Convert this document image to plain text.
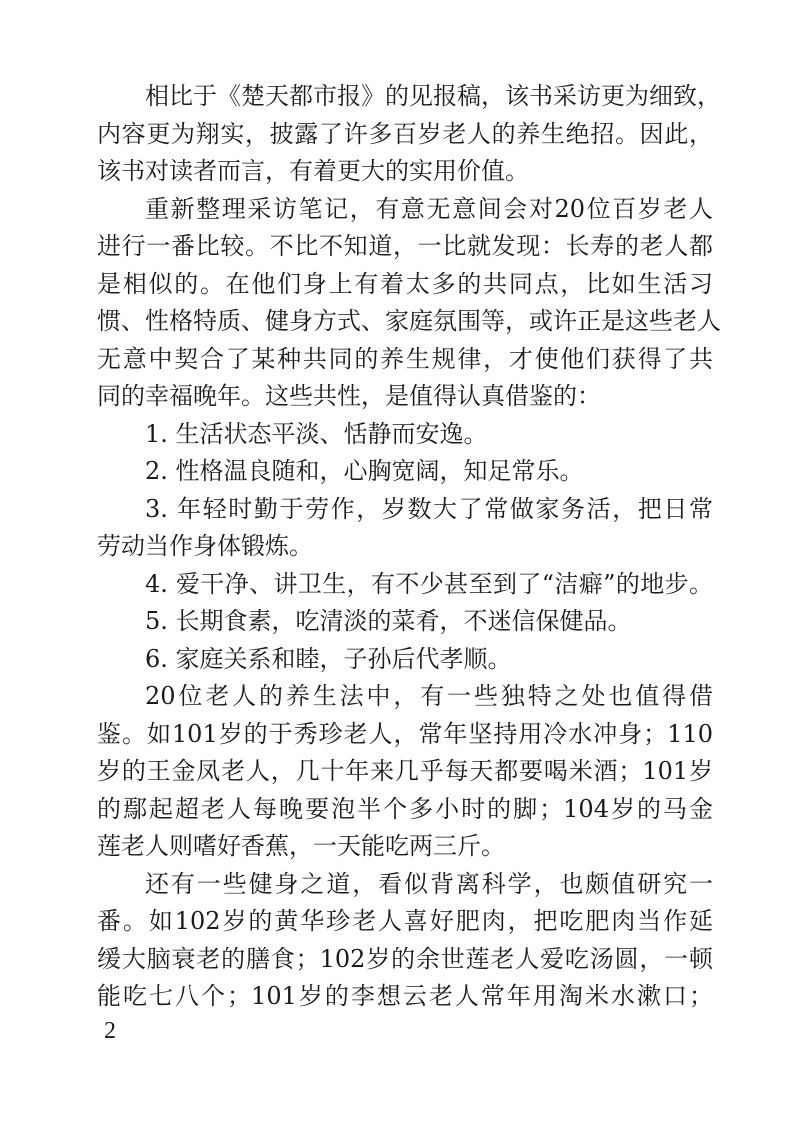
相比于《楚天都市报》的见报稿，该书采访更为细致，
内容更为翔实，披露了许多百岁老人的养生绝招。因此，
该书对读者而言，有着更大的实用价值。
重新整理采访笔记，有意无意间会对20位百岁老人
进行一番比较。不比不知道，一比就发现：长寿的老人都
是相似的。在他们身上有着太多的共同点，比如生活习
惯、性格特质、健身方式、家庭氛围等，或许正是这些老人
无意中契合了某种共同的养生规律，才使他们获得了共
同的幸福晚年。这些共性，是值得认真借鉴的：
1. 生活状态平淡、恬静而安逸。
2. 性格温良随和，心胸宽阔，知足常乐。
3. 年轻时勤于劳作，岁数大了常做家务活，把日常
劳动当作身体锻炼。
4. 爱干净、讲卫生，有不少甚至到了“洁癖”的地步。
5. 长期食素，吃清淡的菜肴，不迷信保健品。
6. 家庭关系和睦，子孙后代孝顺。
20位老人的养生法中，有一些独特之处也值得借
鉴。如101岁的于秀珍老人，常年坚持用冷水冲身；110
岁的王金凤老人，几十年来几乎每天都要喝米酒；101岁
的鄢起超老人每晚要泡半个多小时的脚；104岁的马金
莲老人则嗜好香蕉，一天能吃两三斤。
还有一些健身之道，看似背离科学，也颇值研究一
番。如102岁的黄华珍老人喜好肥肉，把吃肥肉当作延
缓大脑衰老的膳食；102岁的余世莲老人爱吃汤圆，一顿
能吃七八个；101岁的李想云老人常年用淘米水漱口；
2
